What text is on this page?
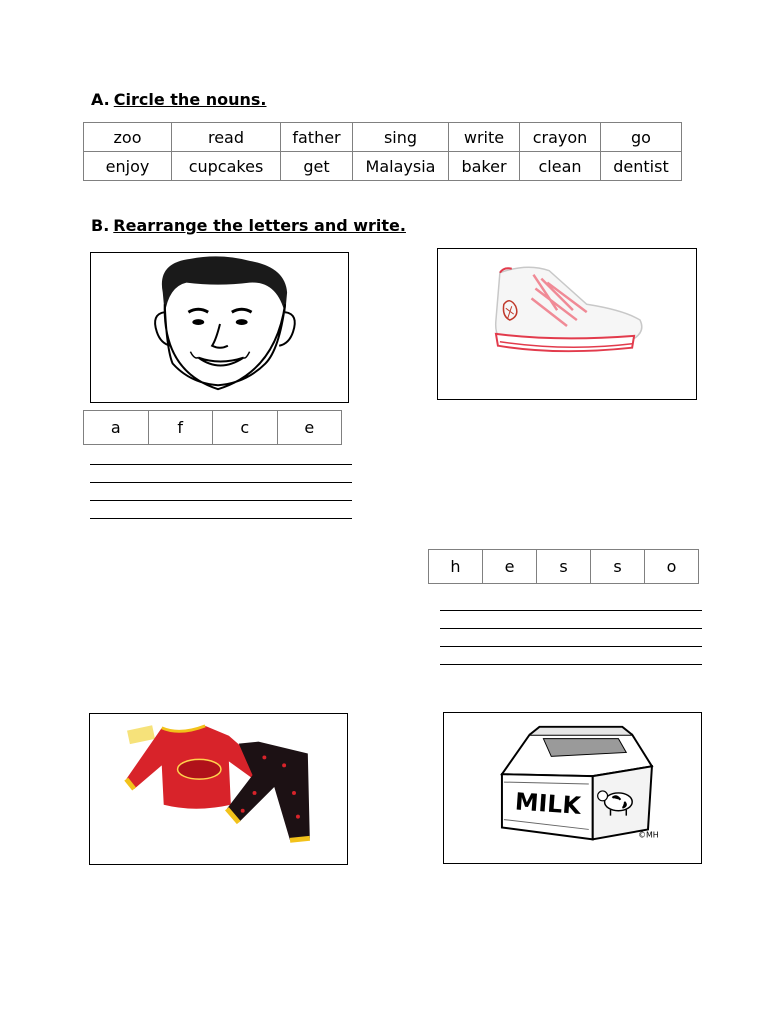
A. Circle the nouns.
zoo	read	father	sing	write	crayon	go
enjoy	cupcakes	get	Malaysia	baker	clean	dentist
B. Rearrange the letters and write.
a	f	c	e
h	e	s	s	o
MILK
©MH
